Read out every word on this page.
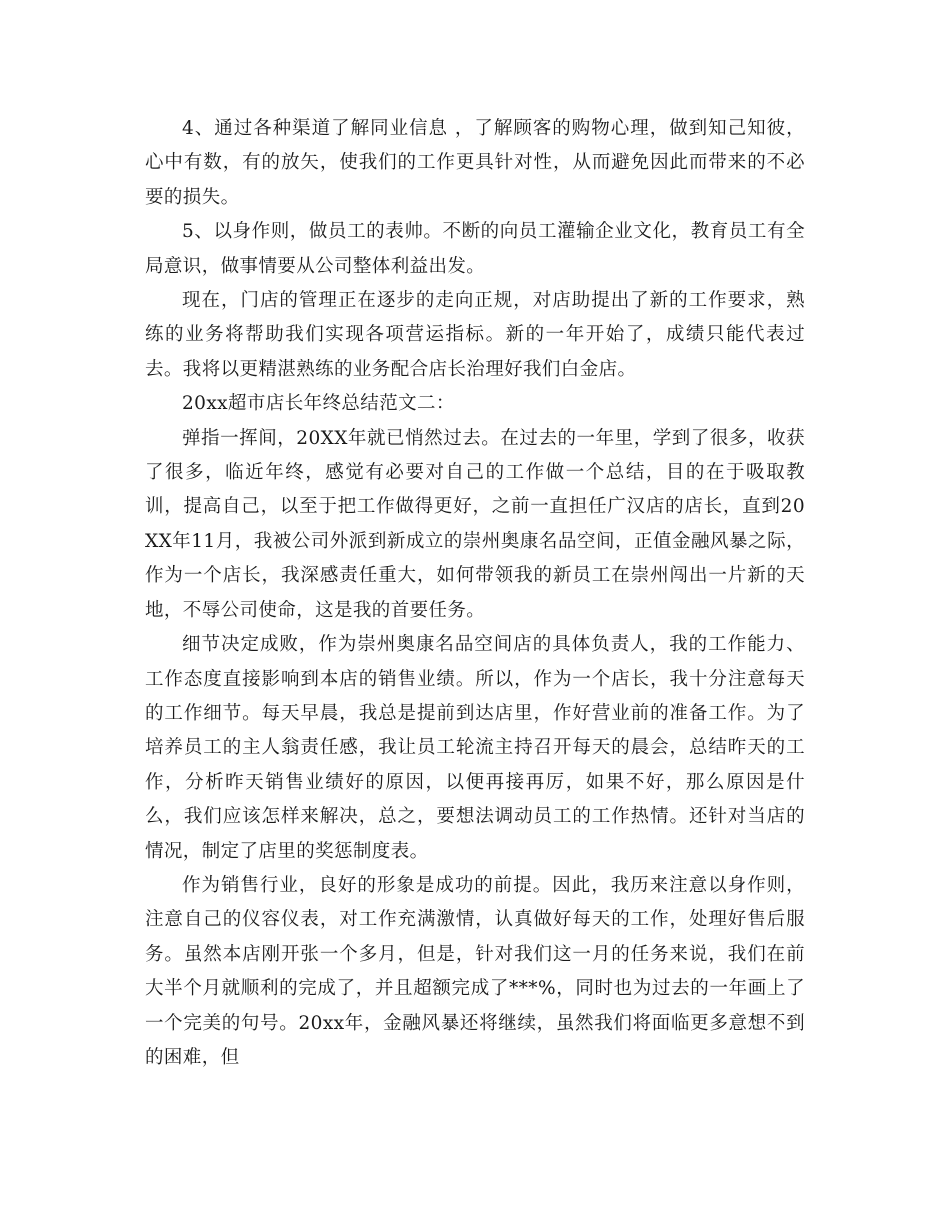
4、通过各种渠道了解同业信息 ，了解顾客的购物心理，做到知己知彼，心中有数，有的放矢，使我们的工作更具针对性，从而避免因此而带来的不必要的损失。

5、以身作则，做员工的表帅。不断的向员工灌输企业文化，教育员工有全局意识，做事情要从公司整体利益出发。

现在，门店的管理正在逐步的走向正规，对店助提出了新的工作要求，熟练的业务将帮助我们实现各项营运指标。新的一年开始了，成绩只能代表过去。我将以更精湛熟练的业务配合店长治理好我们白金店。

20xx超市店长年终总结范文二：

弹指一挥间，20XX年就已悄然过去。在过去的一年里，学到了很多，收获了很多，临近年终，感觉有必要对自己的工作做一个总结，目的在于吸取教训，提高自己，以至于把工作做得更好，之前一直担任广汉店的店长，直到20XX年11月，我被公司外派到新成立的崇州奥康名品空间，正值金融风暴之际，作为一个店长，我深感责任重大，如何带领我的新员工在崇州闯出一片新的天地，不辱公司使命，这是我的首要任务。

细节决定成败，作为崇州奥康名品空间店的具体负责人，我的工作能力、工作态度直接影响到本店的销售业绩。所以，作为一个店长，我十分注意每天的工作细节。每天早晨，我总是提前到达店里，作好营业前的准备工作。为了培养员工的主人翁责任感，我让员工轮流主持召开每天的晨会，总结昨天的工作，分析昨天销售业绩好的原因，以便再接再厉，如果不好，那么原因是什么，我们应该怎样来解决，总之，要想法调动员工的工作热情。还针对当店的情况，制定了店里的奖惩制度表。

作为销售行业，良好的形象是成功的前提。因此，我历来注意以身作则，注意自己的仪容仪表，对工作充满激情，认真做好每天的工作，处理好售后服务。虽然本店刚开张一个多月，但是，针对我们这一月的任务来说，我们在前大半个月就顺利的完成了，并且超额完成了***%，同时也为过去的一年画上了一个完美的句号。20xx年，金融风暴还将继续，虽然我们将面临更多意想不到的困难，但
